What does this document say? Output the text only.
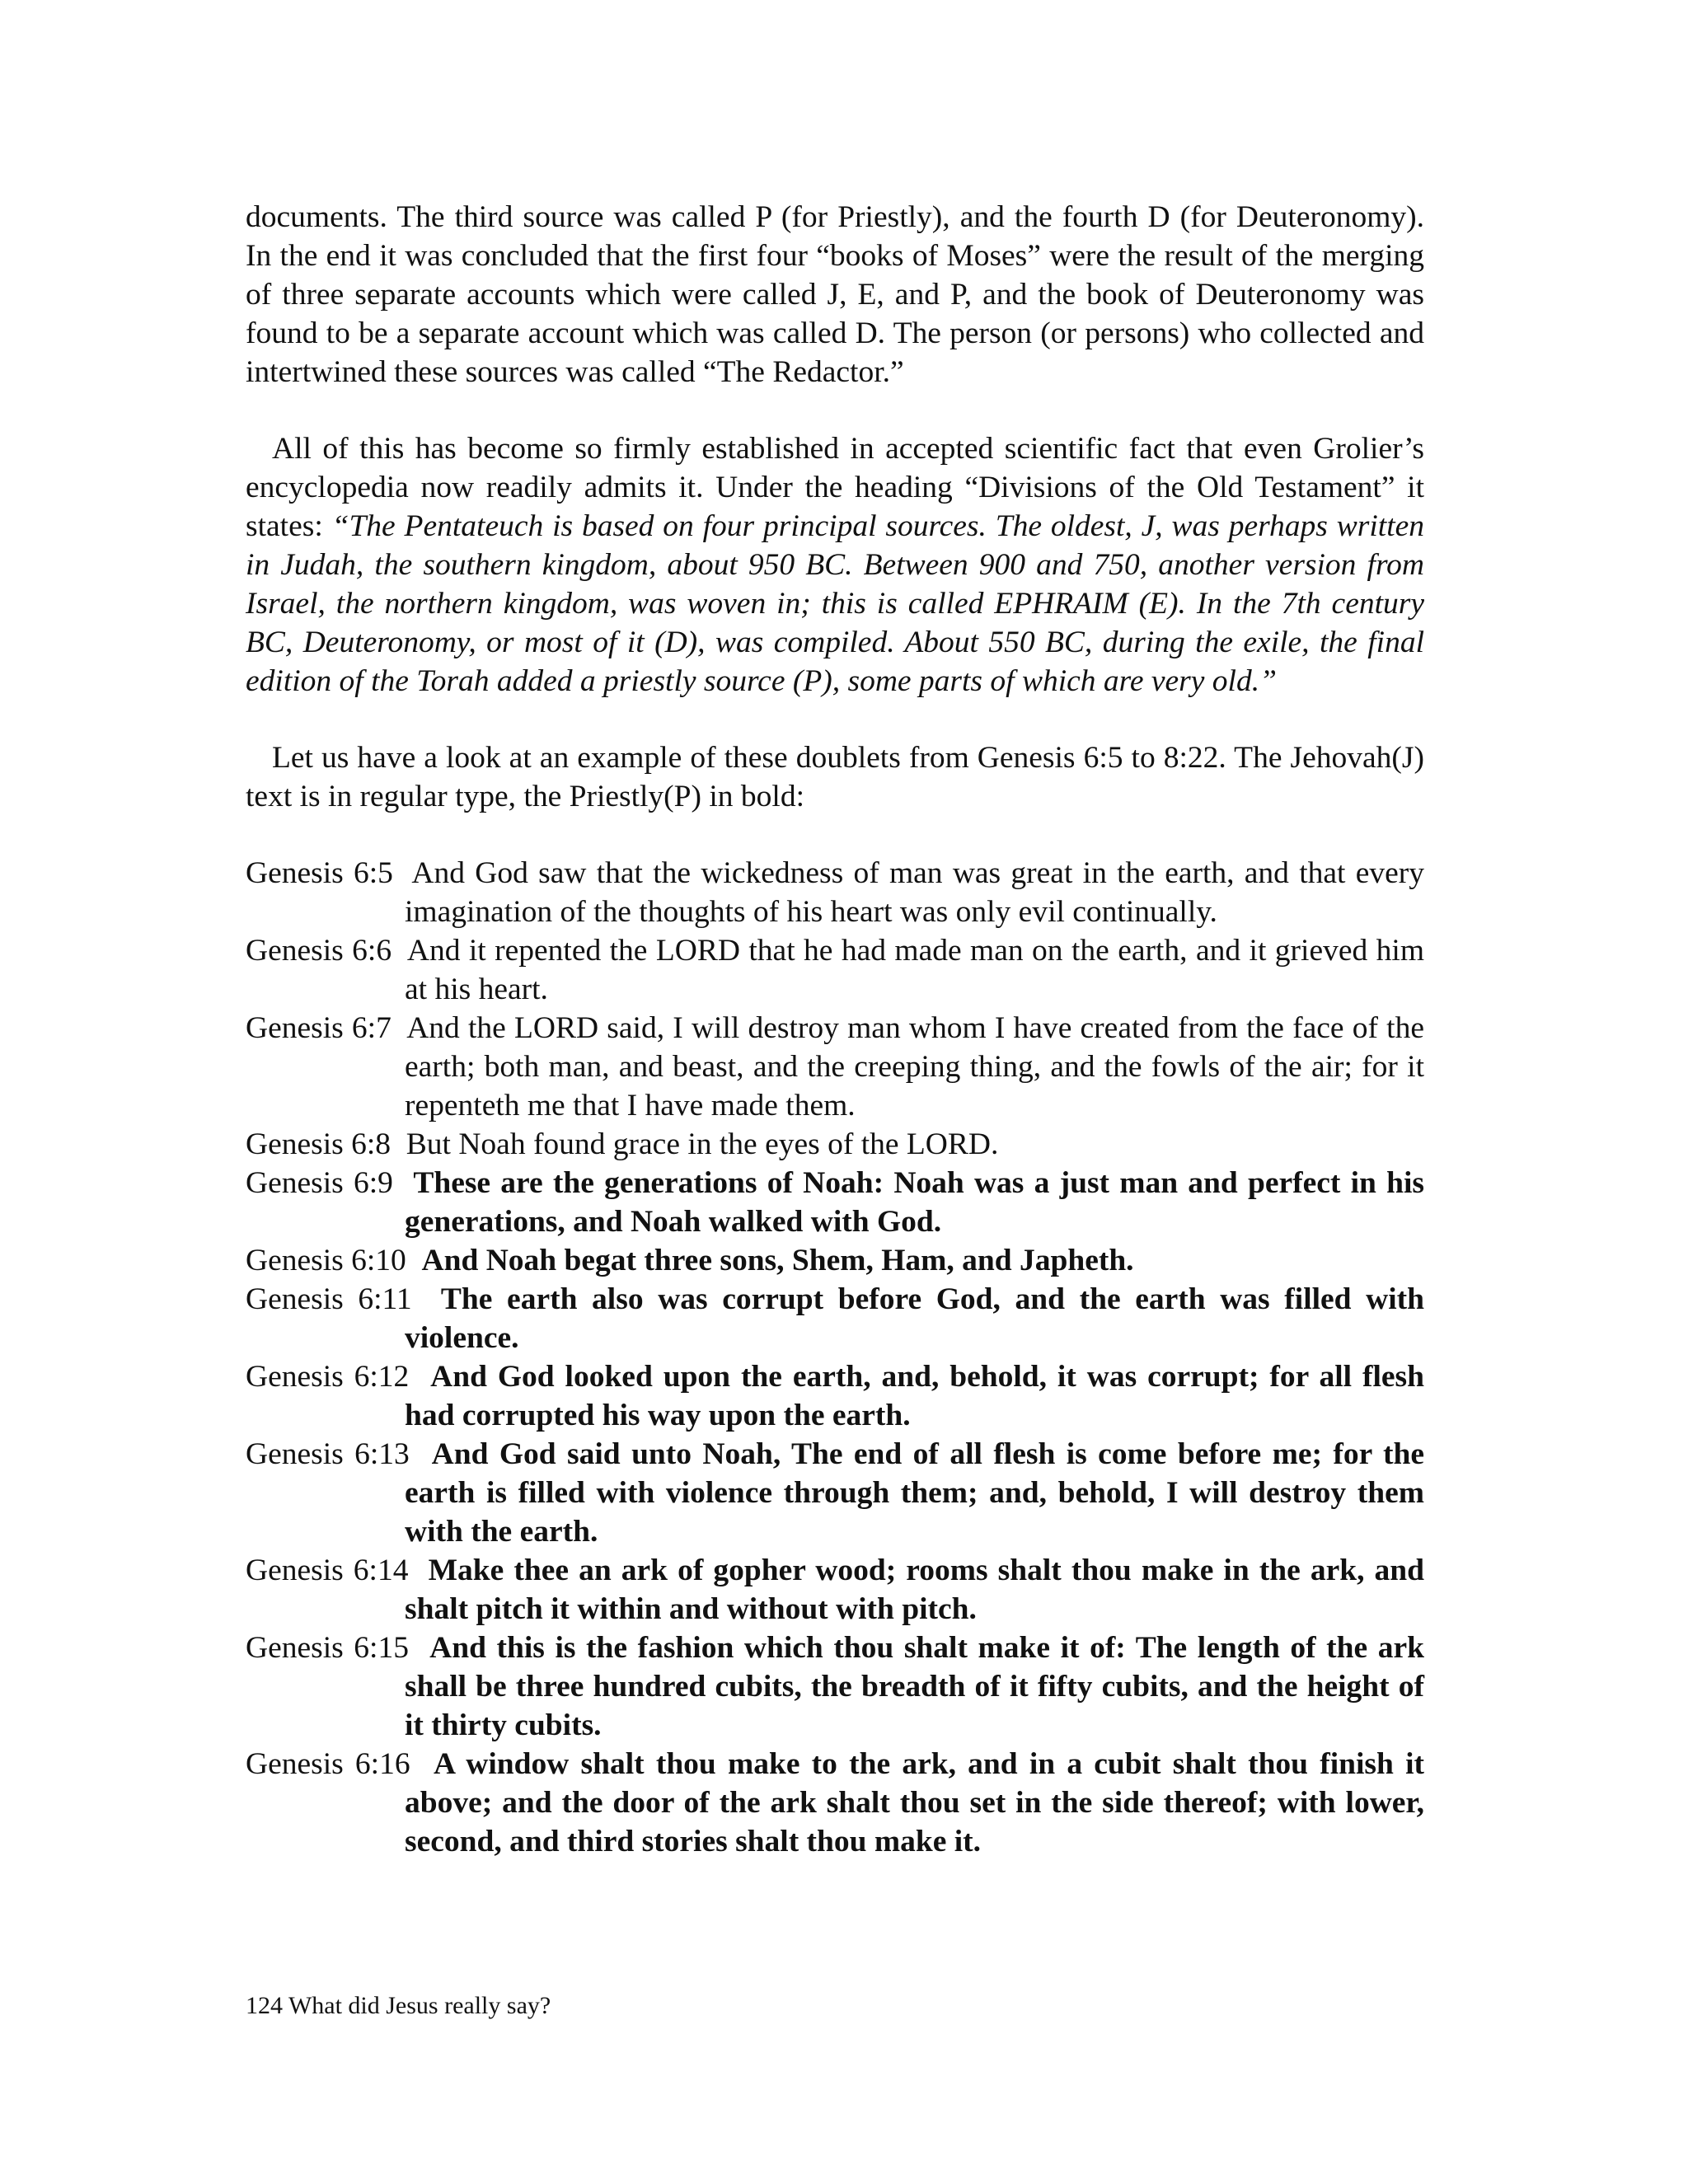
documents. The third source was called P (for Priestly), and the fourth D (for Deuteronomy). In the end it was concluded that the first four “books of Moses” were the result of the merging of three separate accounts which were called J, E, and P, and the book of Deuteronomy was found to be a separate account which was called D. The person (or persons) who collected and intertwined these sources was called “The Redactor.”

All of this has become so firmly established in accepted scientific fact that even Grolier’s encyclopedia now readily admits it. Under the heading “Divisions of the Old Testament” it states: “The Pentateuch is based on four principal sources. The oldest, J, was perhaps written in Judah, the southern kingdom, about 950 BC. Between 900 and 750, another version from Israel, the northern kingdom, was woven in; this is called EPHRAIM (E). In the 7th century BC, Deuteronomy, or most of it (D), was compiled. About 550 BC, during the exile, the final edition of the Torah added a priestly source (P), some parts of which are very old.”

Let us have a look at an example of these doublets from Genesis 6:5 to 8:22. The Jehovah(J) text is in regular type, the Priestly(P) in bold:

Genesis 6:5 And God saw that the wickedness of man was great in the earth, and that every imagination of the thoughts of his heart was only evil continually.

Genesis 6:6 And it repented the LORD that he had made man on the earth, and it grieved him at his heart.

Genesis 6:7 And the LORD said, I will destroy man whom I have created from the face of the earth; both man, and beast, and the creeping thing, and the fowls of the air; for it repenteth me that I have made them.

Genesis 6:8 But Noah found grace in the eyes of the LORD.

Genesis 6:9 These are the generations of Noah: Noah was a just man and perfect in his generations, and Noah walked with God.

Genesis 6:10 And Noah begat three sons, Shem, Ham, and Japheth.

Genesis 6:11 The earth also was corrupt before God, and the earth was filled with violence.

Genesis 6:12 And God looked upon the earth, and, behold, it was corrupt; for all flesh had corrupted his way upon the earth.

Genesis 6:13 And God said unto Noah, The end of all flesh is come before me; for the earth is filled with violence through them; and, behold, I will destroy them with the earth.

Genesis 6:14 Make thee an ark of gopher wood; rooms shalt thou make in the ark, and shalt pitch it within and without with pitch.

Genesis 6:15 And this is the fashion which thou shalt make it of: The length of the ark shall be three hundred cubits, the breadth of it fifty cubits, and the height of it thirty cubits.

Genesis 6:16 A window shalt thou make to the ark, and in a cubit shalt thou finish it above; and the door of the ark shalt thou set in the side thereof; with lower, second, and third stories shalt thou make it.

124 What did Jesus really say?
